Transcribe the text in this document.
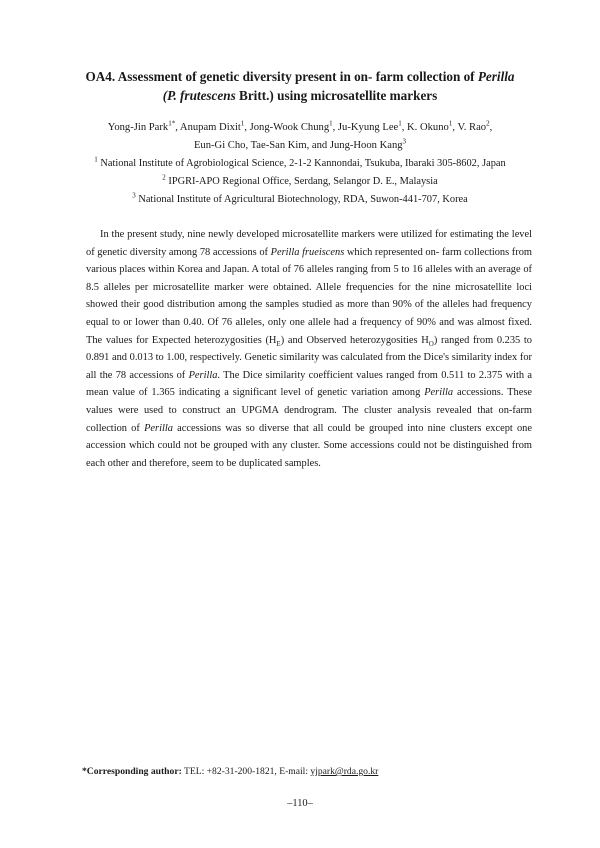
OA4. Assessment of genetic diversity present in on- farm collection of Perilla
(P. frutescens Britt.) using microsatellite markers
Yong-Jin Park$^{1*}$, Anupam Dixit$^1$, Jong-Wook Chung$^1$, Ju-Kyung Lee$^1$, K. Okuno$^1$, V. Rao$^2$,
Eun-Gi Cho, Tae-San Kim, and Jung-Hoon Kang$^3$
$^1$ National Institute of Agrobiological Science, 2-1-2 Kannondai, Tsukuba, Ibaraki 305-8602, Japan
$^2$ IPGRI-APO Regional Office, Serdang, Selangor D. E., Malaysia
$^3$ National Institute of Agricultural Biotechnology, RDA, Suwon-441-707, Korea
In the present study, nine newly developed microsatellite markers were utilized for estimating the level of genetic diversity among 78 accessions of Perilla frueiscens which represented on- farm collections from various places within Korea and Japan. A total of 76 alleles ranging from 5 to 16 alleles with an average of 8.5 alleles per microsatellite marker were obtained. Allele frequencies for the nine microsatellite loci showed their good distribution among the samples studied as more than 90% of the alleles had frequency equal to or lower than 0.40. Of 76 alleles, only one allele had a frequency of 90% and was almost fixed. The values for Expected heterozygosities $(H_E)$ and Observed heterozygosities $H_O$) ranged from 0.235 to 0.891 and 0.013 to 1.00, respectively. Genetic similarity was calculated from the Dice's similarity index for all the 78 accessions of Perilla. The Dice similarity coefficient values ranged from 0.511 to 2.375 with a mean value of 1.365 indicating a significant level of genetic variation among Perilla accessions. These values were used to construct an UPGMA dendrogram. The cluster analysis revealed that on-farm collection of Perilla accessions was so diverse that all could be grouped into nine clusters except one accession which could not be grouped with any cluster. Some accessions could not be distinguished from each other and therefore, seem to be duplicated samples.
*Corresponding author: TEL: +82-31-200-1821, E-mail: yjpark@rda.go.kr
–110–
